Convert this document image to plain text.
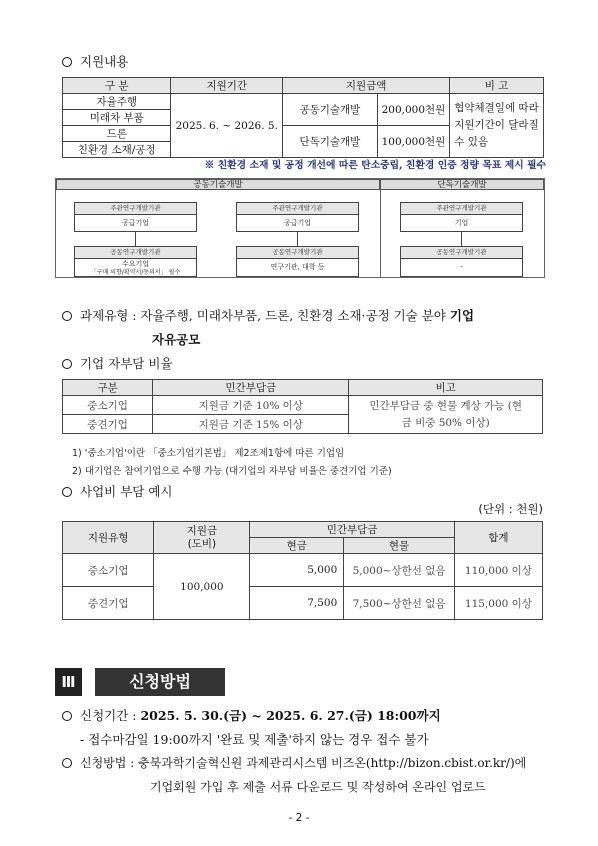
지원내용
구 분	지원기간	지원금액		비 고
자율주행	2025. 6. ~ 2026. 5.	공동기술개발	200,000천원	협약체결일에 따라 지원기간이 달라질수 있음
미래차 부품				
드론		단독기술개발	100,000천원	
친환경 소재/공정				
※ 친환경 소재 및 공정 개선에 따른 탄소중립, 친환경 인증 정량 목표 제시 필수
공동기술개발	단독기술개발
주관연구개발기관
공급기업
주관연구개발기관
공급기업
주관연구개발기관
기업
공동연구개발기관
수요기업
「구매 의향/확약서/동의서」 필수
공동연구개발기관
연구기관, 대학 등
공동연구개발기관
-
과제유형 : 자율주행, 미래차부품, 드론, 친환경 소재·공정 기술 분야 기업
자유공모
기업 자부담 비율
구분	민간부담금	비고
중소기업	지원금 기준 10% 이상	민간부담금 중 현물 계상 가능 (현금 비중 50% 이상)
중견기업	지원금 기준 15% 이상	
1) '중소기업'이란 「중소기업기본법」 제2조제1항에 따른 기업임
2) 대기업은 참여기업으로 수행 가능 (대기업의 자부담 비율은 중견기업 기준)
사업비 부담 예시
(단위 : 천원)
지원유형	지원금
(도비)	민간부담금		합계
		현금	현물	
중소기업	100,000	5,000	5,000~상한선 없음	110,000 이상
중견기업		7,500	7,500~상한선 없음	115,000 이상
Ⅲ	신청방법
신청기간 : 2025. 5. 30.(금) ~ 2025. 6. 27.(금) 18:00까지
- 접수마감일 19:00까지 '완료 및 제출'하지 않는 경우 접수 불가
신청방법 : 충북과학기술혁신원 과제관리시스템 비즈온(http://bizon.cbist.or.kr/)에
기업회원 가입 후 제출 서류 다운로드 및 작성하여 온라인 업로드
- 2 -
